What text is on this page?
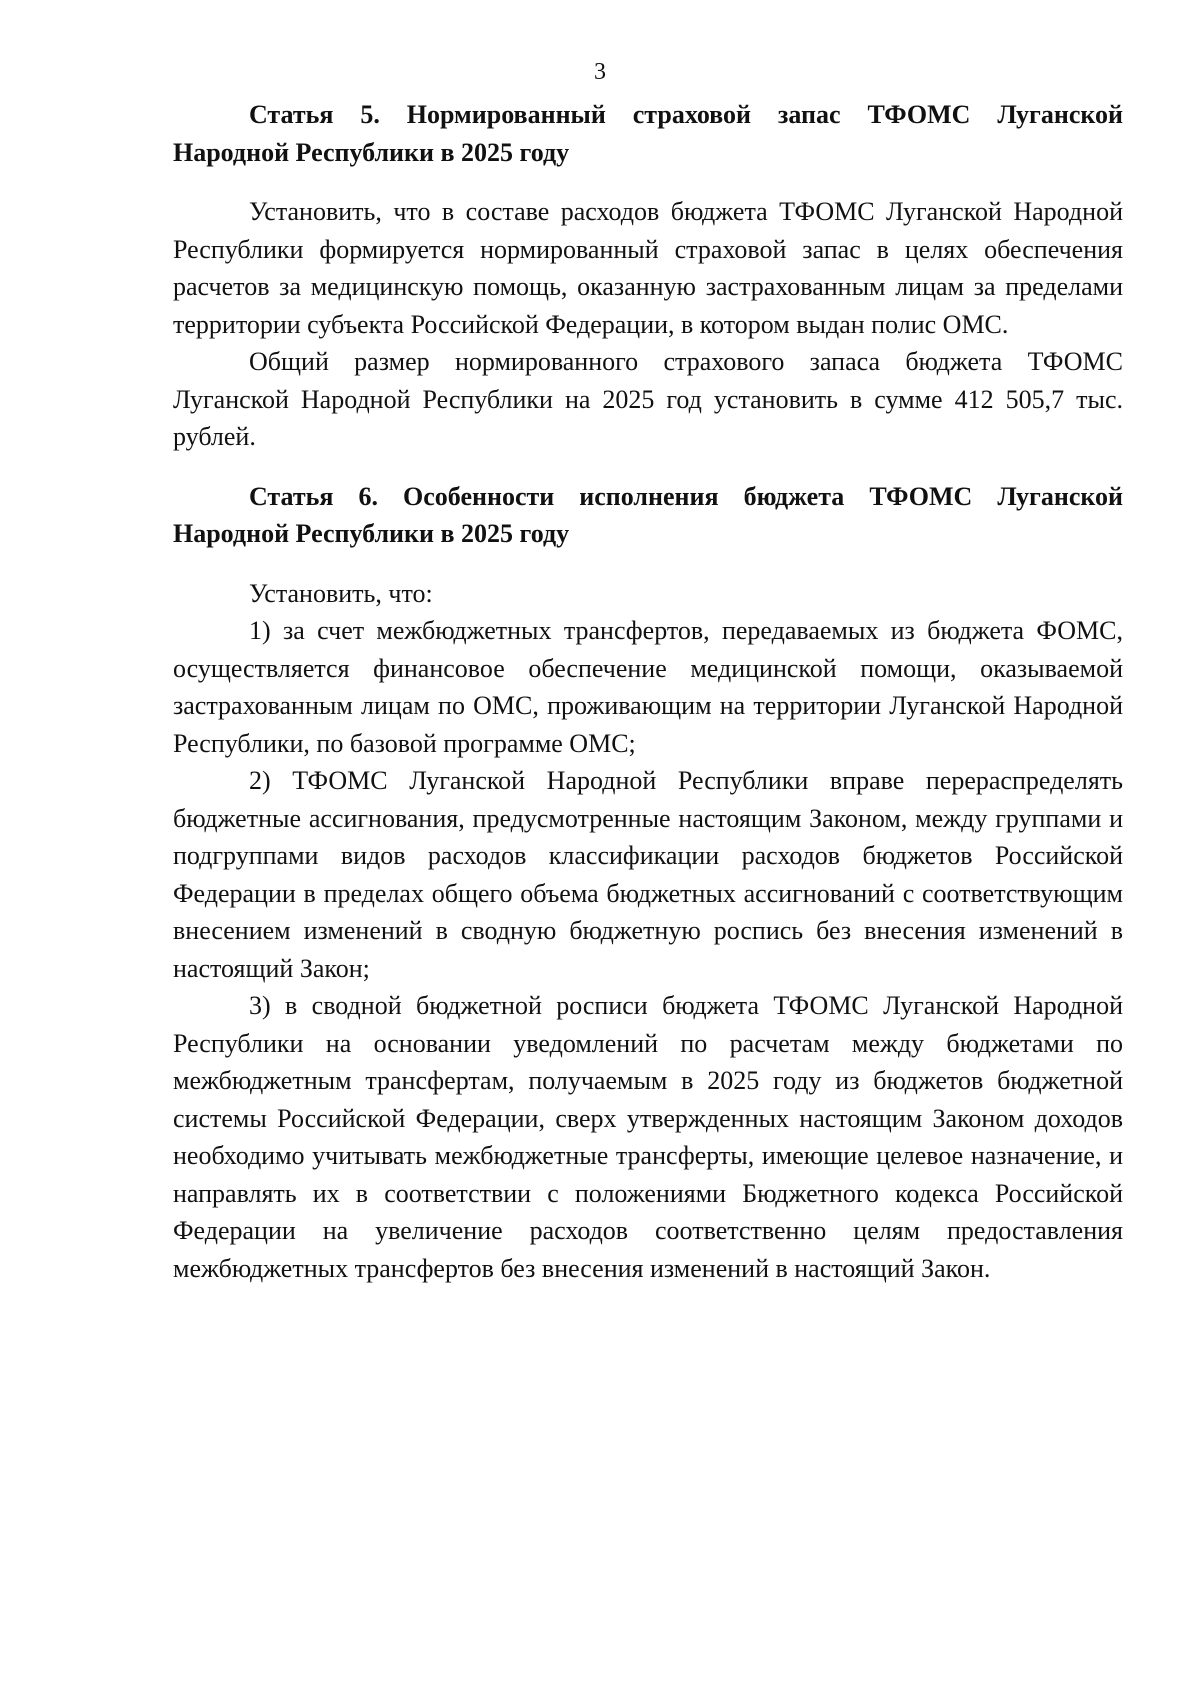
3

Статья 5. Нормированный страховой запас ТФОМС Луганской Народной Республики в 2025 году

Установить, что в составе расходов бюджета ТФОМС Луганской Народной Республики формируется нормированный страховой запас в целях обеспечения расчетов за медицинскую помощь, оказанную застрахованным лицам за пределами территории субъекта Российской Федерации, в котором выдан полис ОМС.

Общий размер нормированного страхового запаса бюджета ТФОМС Луганской Народной Республики на 2025 год установить в сумме 412 505,7 тыс. рублей.

Статья 6. Особенности исполнения бюджета ТФОМС Луганской Народной Республики в 2025 году

Установить, что:

1) за счет межбюджетных трансфертов, передаваемых из бюджета ФОМС, осуществляется финансовое обеспечение медицинской помощи, оказываемой застрахованным лицам по ОМС, проживающим на территории Луганской Народной Республики, по базовой программе ОМС;

2) ТФОМС Луганской Народной Республики вправе перераспределять бюджетные ассигнования, предусмотренные настоящим Законом, между группами и подгруппами видов расходов классификации расходов бюджетов Российской Федерации в пределах общего объема бюджетных ассигнований с соответствующим внесением изменений в сводную бюджетную роспись без внесения изменений в настоящий Закон;

3) в сводной бюджетной росписи бюджета ТФОМС Луганской Народной Республики на основании уведомлений по расчетам между бюджетами по межбюджетным трансфертам, получаемым в 2025 году из бюджетов бюджетной системы Российской Федерации, сверх утвержденных настоящим Законом доходов необходимо учитывать межбюджетные трансферты, имеющие целевое назначение, и направлять их в соответствии с положениями Бюджетного кодекса Российской Федерации на увеличение расходов соответственно целям предоставления межбюджетных трансфертов без внесения изменений в настоящий Закон.
